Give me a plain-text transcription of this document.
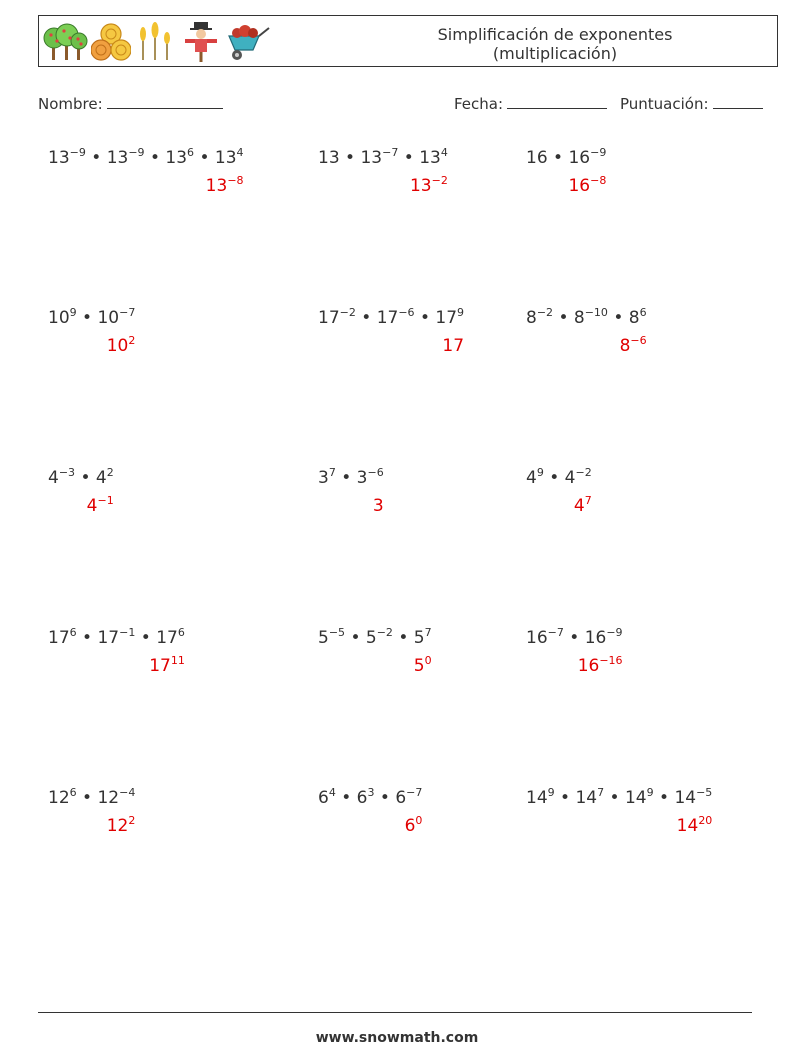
Simplificación de exponentes
(multiplicación)
Nombre:	Fecha:	Puntuación:
$13^{-9}$ • $13^{-9}$ • $13^6$ • $13^4$
$13^{-8}$
13 • $13^{-7}$ • $13^4$
$13^{-2}$
16 • $16^{-9}$
$16^{-8}$
$10^9$ • $10^{-7}$
$10^2$
$17^{-2}$ • $17^{-6}$ • $17^9$
17
$8^{-2}$ • $8^{-10}$ • $8^6$
$8^{-6}$
$4^{-3}$ • $4^2$
$4^{-1}$
$3^7$ • $3^{-6}$
3
$4^9$ • $4^{-2}$
$4^7$
$17^6$ • $17^{-1}$ • $17^6$
$17^{11}$
$5^{-5}$ • $5^{-2}$ • $5^7$
$5^0$
$16^{-7}$ • $16^{-9}$
$16^{-16}$
$12^6$ • $12^{-4}$
$12^2$
$6^4$ • $6^3$ • $6^{-7}$
$6^0$
$14^9$ • $14^7$ • $14^9$ • $14^{-5}$
$14^{20}$
www.snowmath.com
